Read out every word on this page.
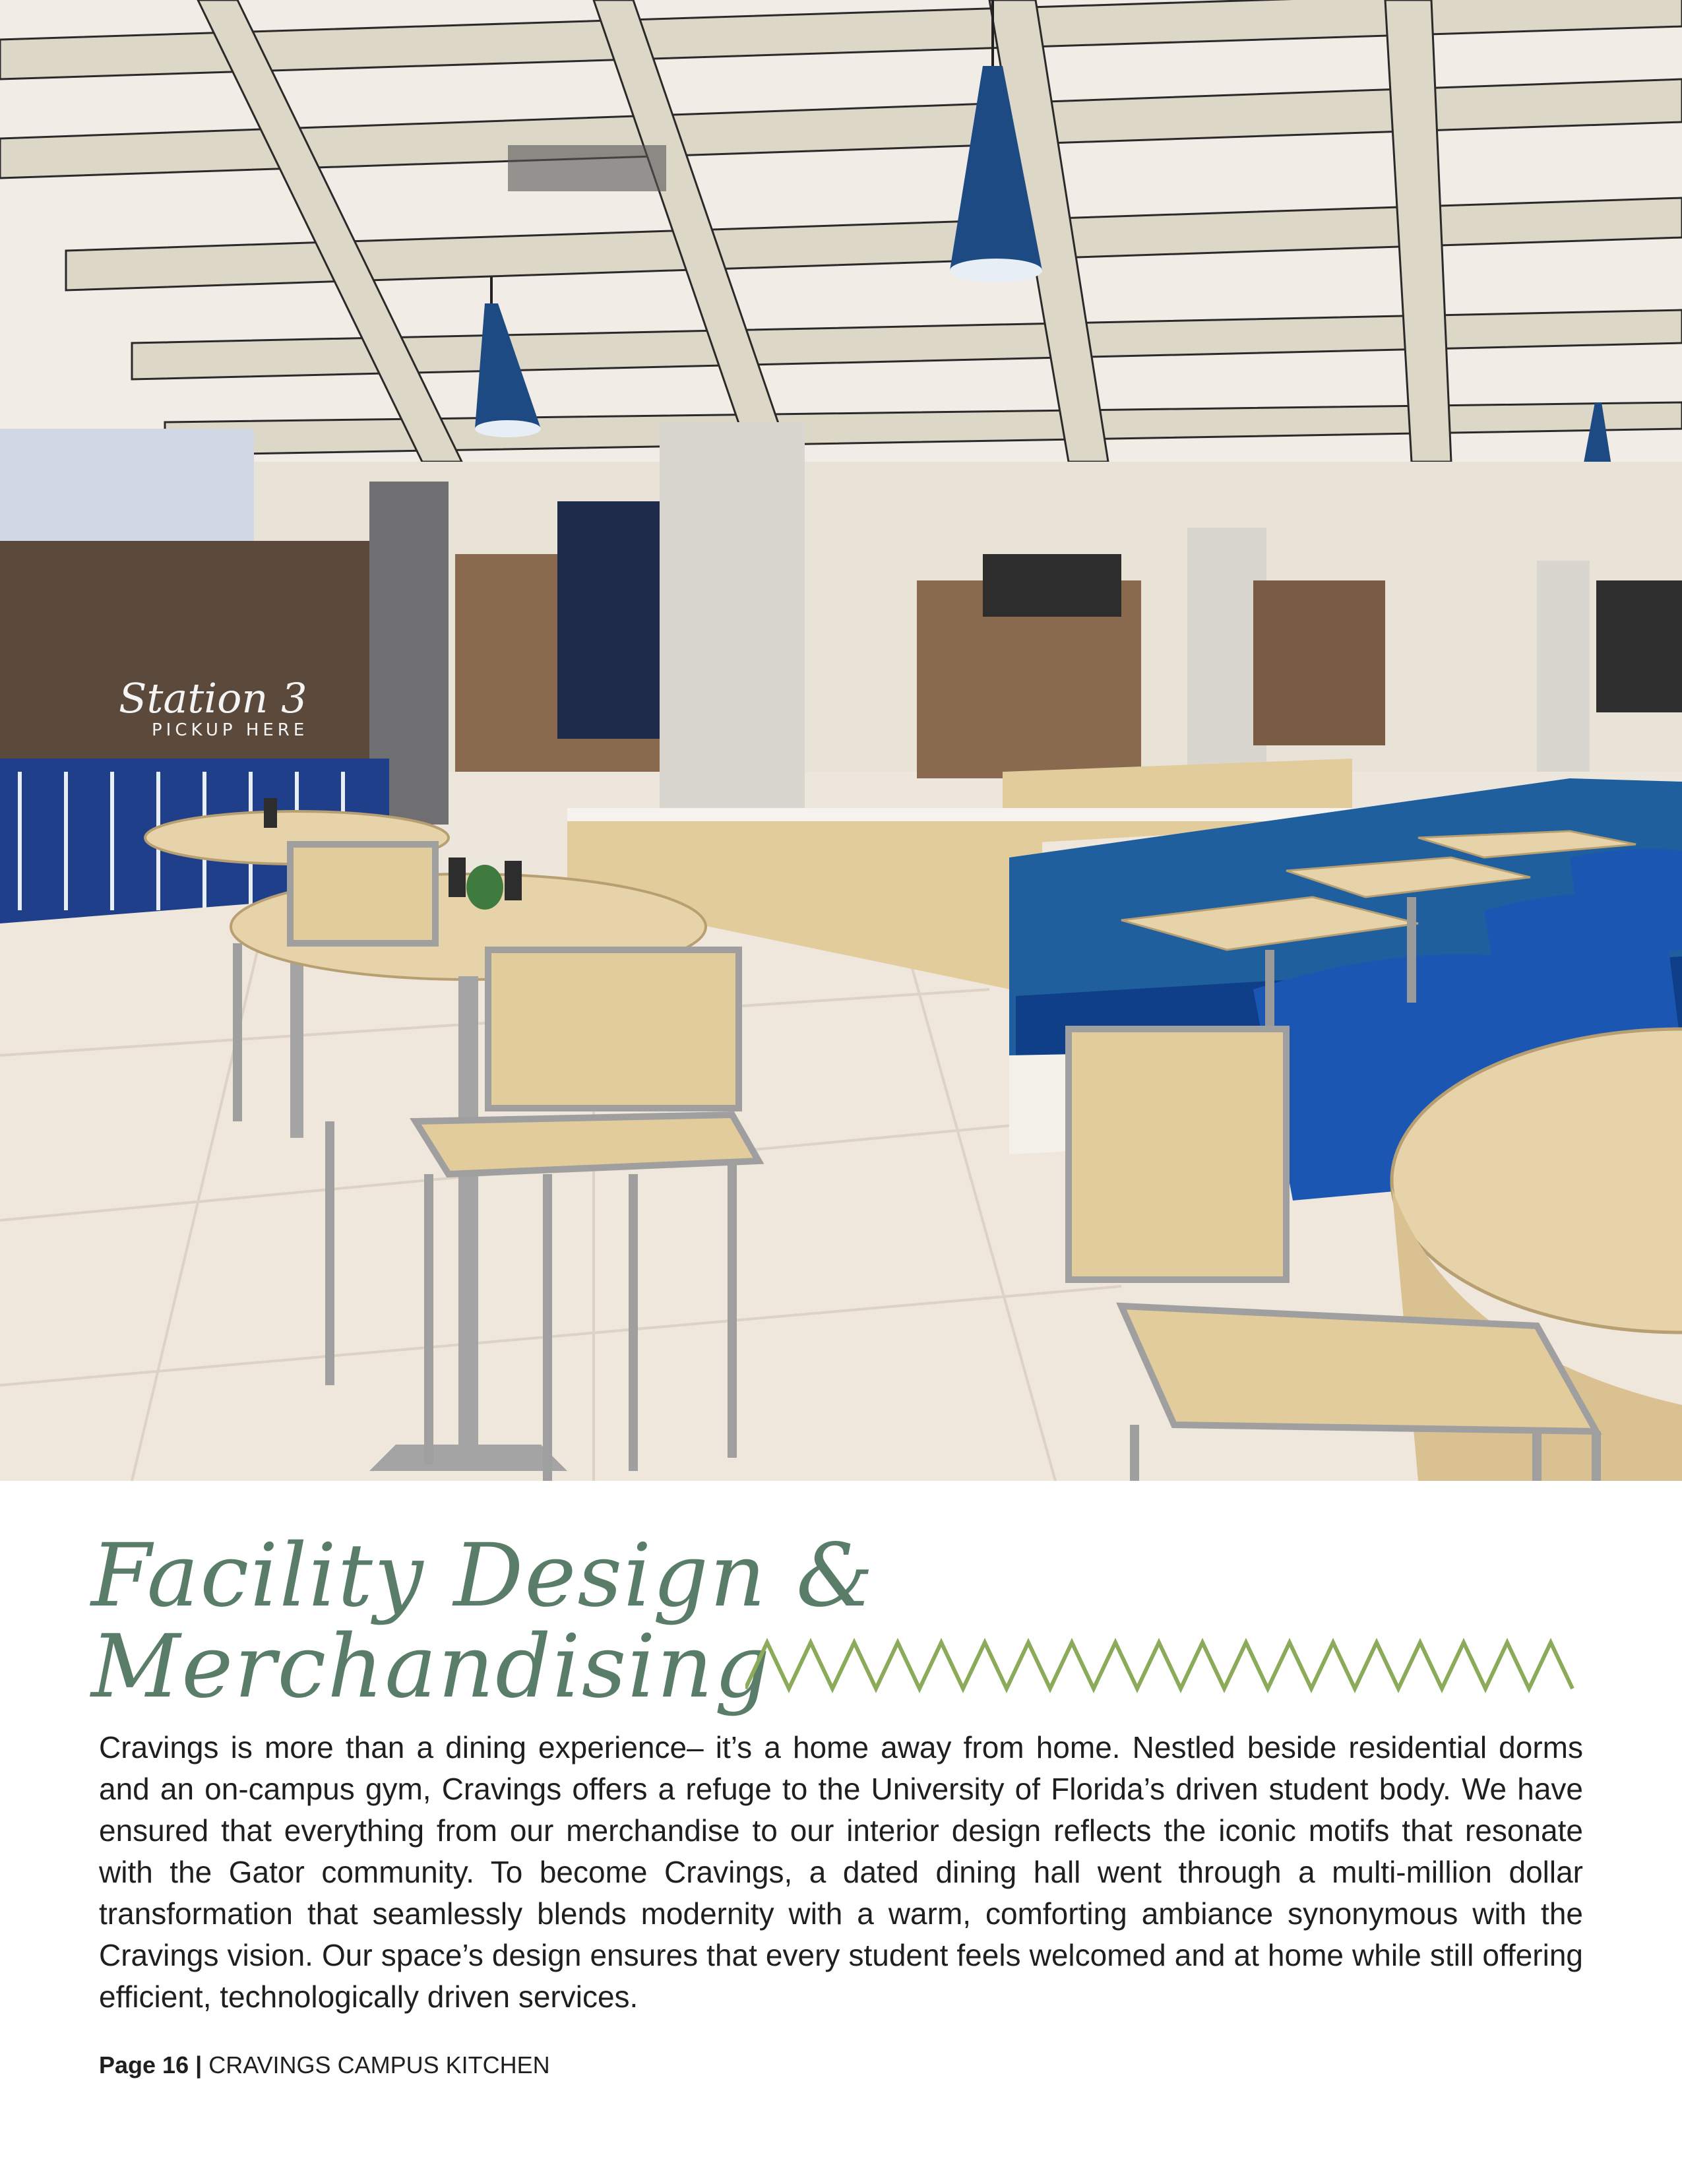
Station 3
PICKUP HERE
Facility Design &
Merchandising

Cravings is more than a dining experience– it’s a home away from home. Nestled beside residential dorms and an on-campus gym, Cravings offers a refuge to the University of Florida’s driven student body. We have ensured that everything from our merchandise to our interior design reflects the iconic motifs that resonate with the Gator community. To become Cravings, a dated dining hall went through a multi-million dollar transformation that seamlessly blends modernity with a warm, comforting ambiance synonymous with the Cravings vision. Our space’s design ensures that every student feels welcomed and at home while still offering efficient, technologically driven services.

Page 16 | CRAVINGS CAMPUS KITCHEN
